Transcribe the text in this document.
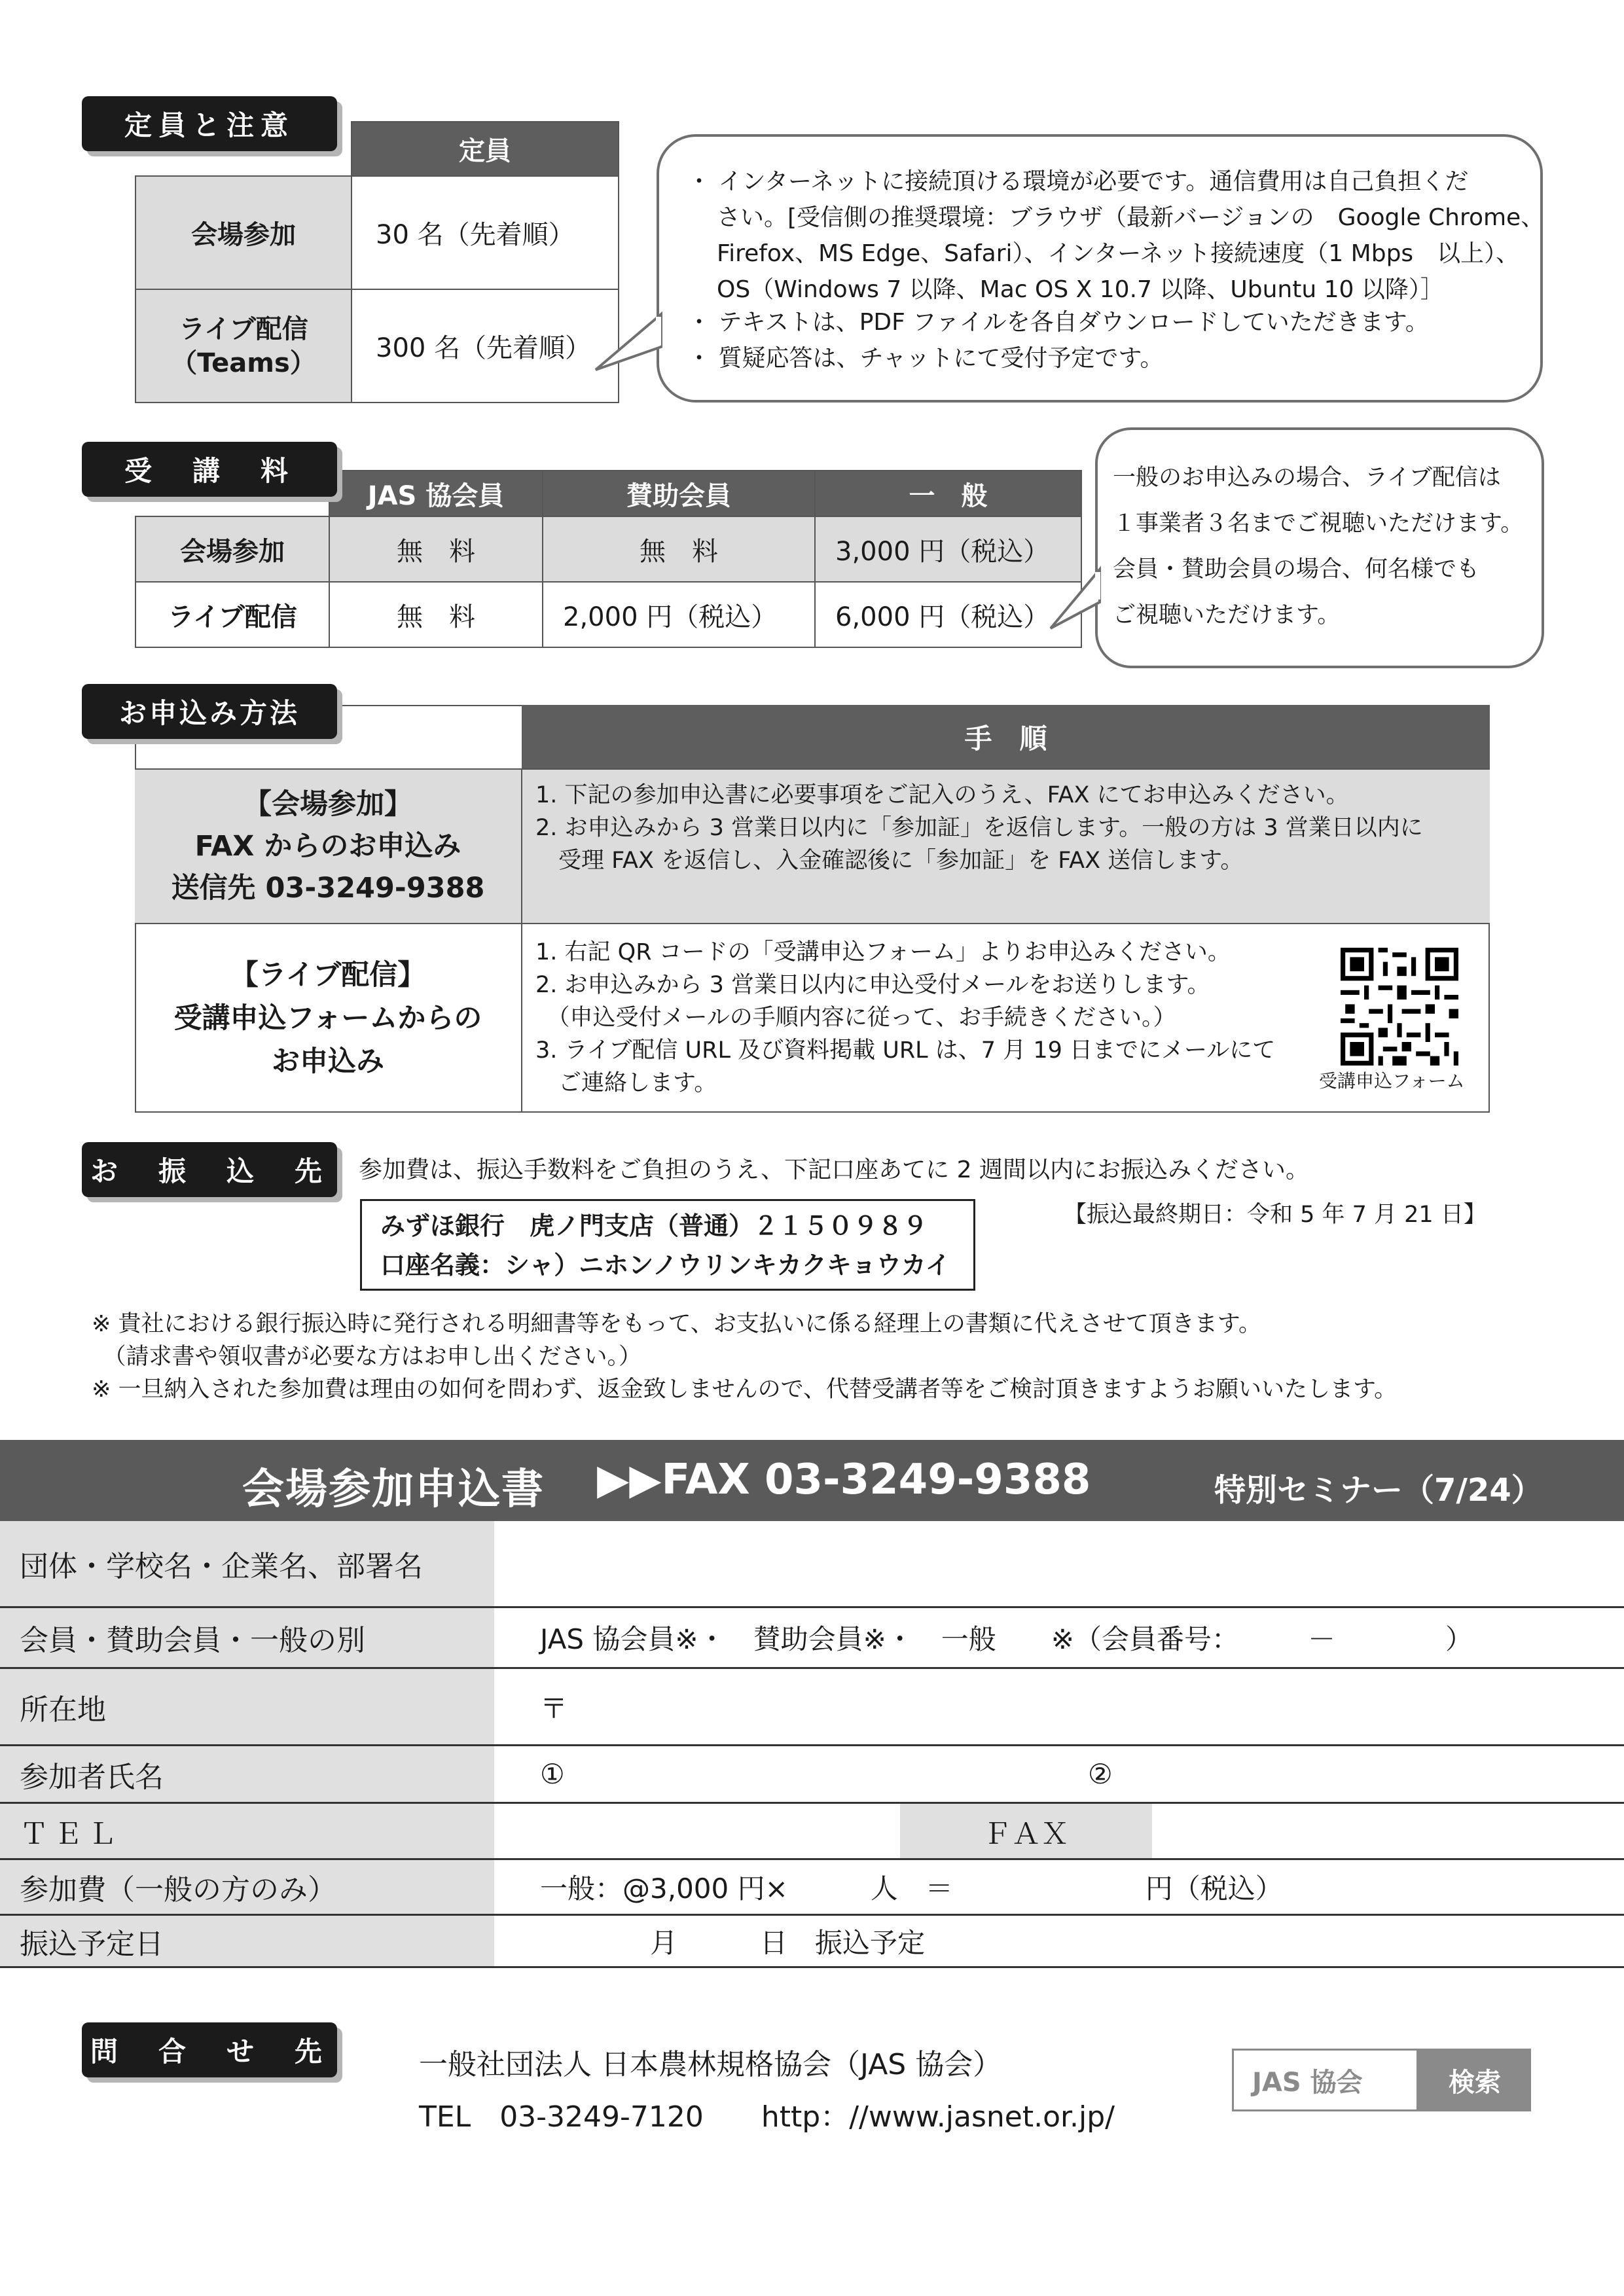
定員と注意
	定員
会場参加	30 名（先着順）
ライブ配信
（Teams）	300 名（先着順）
・ インターネットに接続頂ける環境が必要です。通信費用は自己負担くだ
さい。[受信側の推奨環境：ブラウザ（最新バージョンの　Google Chrome、
Firefox、MS Edge、Safari）、インターネット接続速度（1 Mbps　以上）、
OS（Windows 7 以降、Mac OS X 10.7 以降、Ubuntu 10 以降）］
・ テキストは、PDF ファイルを各自ダウンロードしていただきます。
・ 質疑応答は、チャットにて受付予定です。
受　講　料
	JAS 協会員	賛助会員	一　般
会場参加	無　料	無　料	3,000 円（税込）
ライブ配信	無　料	2,000 円（税込）	6,000 円（税込）
一般のお申込みの場合、ライブ配信は
１事業者３名までご視聴いただけます。
会員・賛助会員の場合、何名様でも
ご視聴いただけます。
お申込み方法
手　順
【会場参加】
FAX からのお申込み
送信先 03-3249-9388
1. 下記の参加申込書に必要事項をご記入のうえ、FAX にてお申込みください。
2. お申込みから 3 営業日以内に「参加証」を返信します。一般の方は 3 営業日以内に
　受理 FAX を返信し、入金確認後に「参加証」を FAX 送信します。
【ライブ配信】
受講申込フォームからの
お申込み
1. 右記 QR コードの「受講申込フォーム」よりお申込みください。
2. お申込みから 3 営業日以内に申込受付メールをお送りします。
　（申込受付メールの手順内容に従って、お手続きください。）
3. ライブ配信 URL 及び資料掲載 URL は、7 月 19 日までにメールにて
　ご連絡します。	受講申込フォーム
お　振　込　先	参加費は、振込手数料をご負担のうえ、下記口座あてに 2 週間以内にお振込みください。
みずほ銀行　虎ノ門支店（普通）２１５０９８９
口座名義：シャ）ニホンノウリンキカクキョウカイ
【振込最終期日：令和 5 年 7 月 21 日】
※ 貴社における銀行振込時に発行される明細書等をもって、お支払いに係る経理上の書類に代えさせて頂きます。
　（請求書や領収書が必要な方はお申し出ください。）
※ 一旦納入された参加費は理由の如何を問わず、返金致しませんので、代替受講者等をご検討頂きますようお願いいたします。
会場参加申込書 ▶▶FAX 03-3249-9388	特別セミナー（7/24）
団体・学校名・企業名、部署名
会員・賛助会員・一般の別	JAS 協会員※・　賛助会員※・　一般　　※（会員番号：　　　－　　　　）
所在地	〒
参加者氏名	①	②
ＴＥＬ	ＦＡＸ
参加費（一般の方のみ）	一般：@3,000 円×　　　人　＝　　　　　　　円（税込）
振込予定日	　　　　月　　　日　振込予定
問　合　せ　先	一般社団法人 日本農林規格協会（JAS 協会）
TEL　03-3249-7120　　http：//www.jasnet.or.jp/
JAS 協会	検索
